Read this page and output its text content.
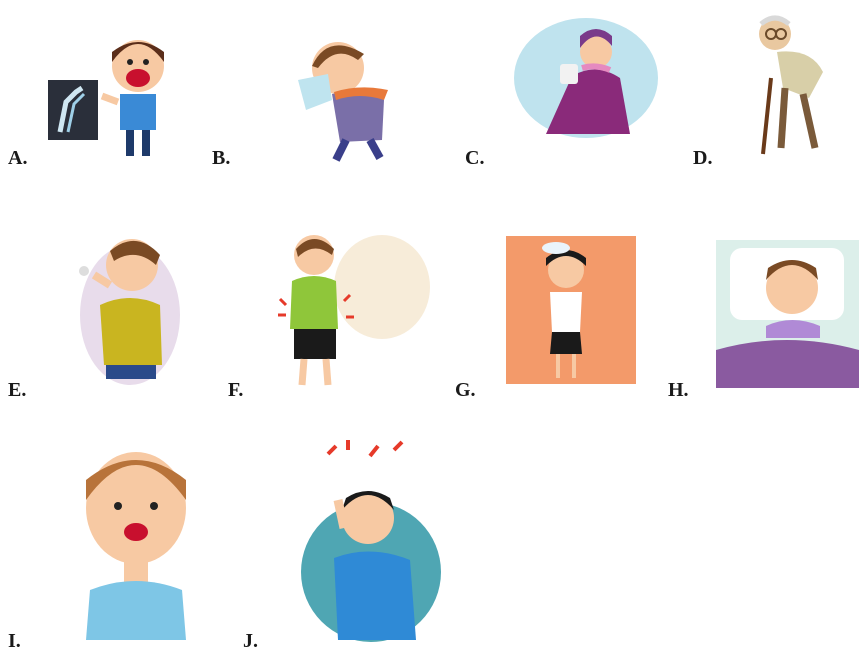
A.	B.	C.	D.
E.	F.	G.	H.
I.	J.
